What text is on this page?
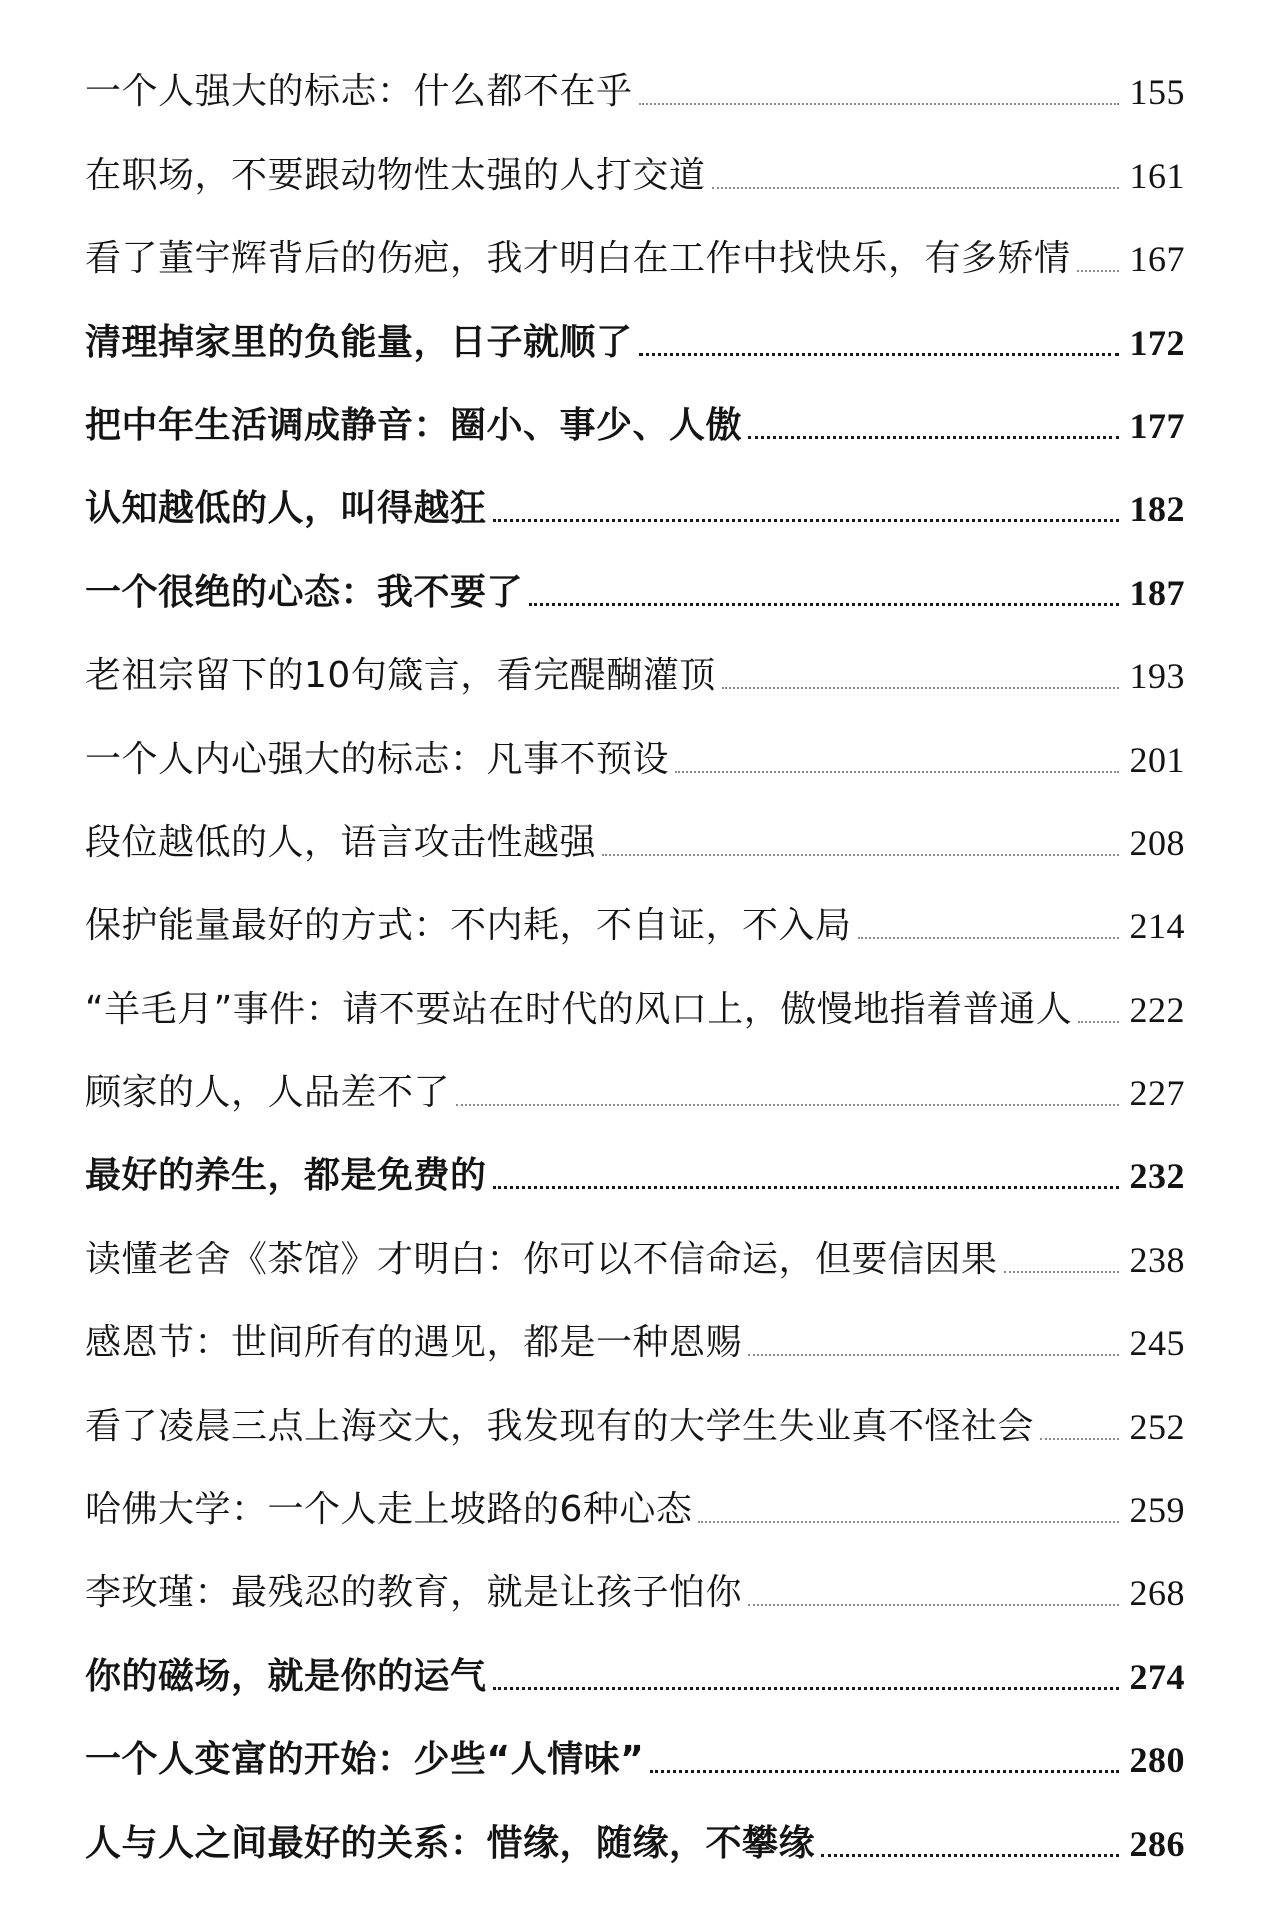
一个人强大的标志：什么都不在乎	155
在职场，不要跟动物性太强的人打交道	161
看了董宇辉背后的伤疤，我才明白在工作中找快乐，有多矫情 167
清理掉家里的负能量，日子就顺了	172
把中年生活调成静音：圈小、事少、人傲	177
认知越低的人，叫得越狂	182
一个很绝的心态：我不要了	187
老祖宗留下的10句箴言，看完醍醐灌顶	193
一个人内心强大的标志：凡事不预设	201
段位越低的人，语言攻击性越强	208
保护能量最好的方式：不内耗，不自证，不入局	214
“羊毛月”事件：请不要站在时代的风口上，傲慢地指着普通人 222
顾家的人，人品差不了	227
最好的养生，都是免费的	232
读懂老舍《茶馆》才明白：你可以不信命运，但要信因果	238
感恩节：世间所有的遇见，都是一种恩赐	245
看了凌晨三点上海交大，我发现有的大学生失业真不怪社会	252
哈佛大学：一个人走上坡路的6种心态	259
李玫瑾：最残忍的教育，就是让孩子怕你	268
你的磁场，就是你的运气	274
一个人变富的开始：少些“人情味”	280
人与人之间最好的关系：惜缘，随缘，不攀缘	286
